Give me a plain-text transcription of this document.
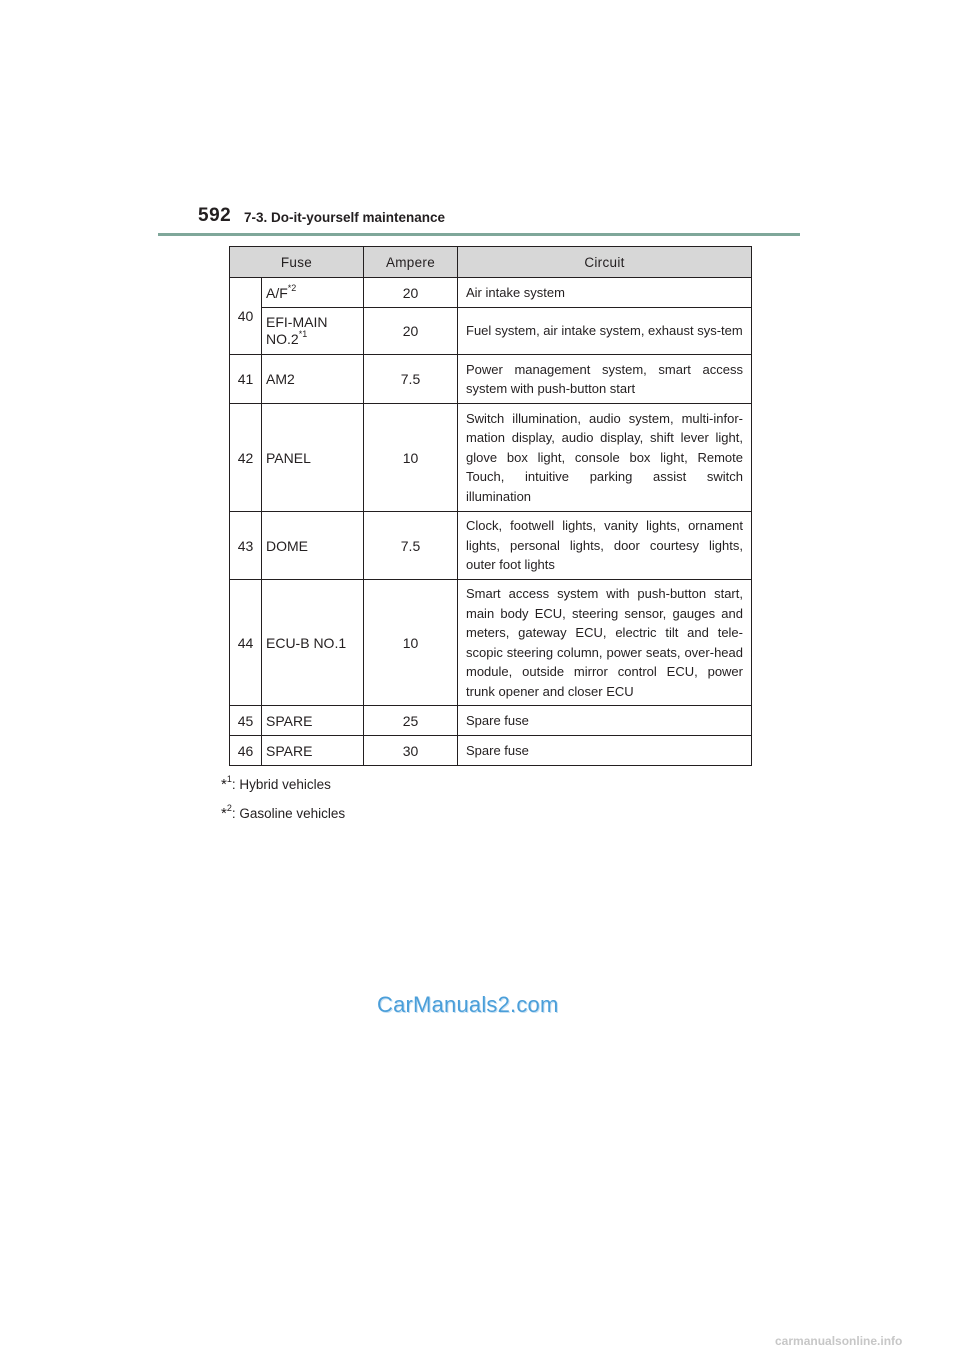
592 7-3. Do-it-yourself maintenance
Fuse		Ampere	Circuit
40	$A/F^{*2}$	20	Air intake system
	EFI-MAIN NO.2$^{*1}$	20	Fuel system, air intake system, exhaust sys-tem
41	AM2	7.5	Power management system, smart access system with push-button start
42	PANEL	10	Switch illumination, audio system, multi-infor-mation display, audio display, shift lever light, glove box light, console box light, Remote Touch, intuitive parking assist switch illumination
43	DOME	7.5	Clock, footwell lights, vanity lights, ornament lights, personal lights, door courtesy lights, outer foot lights
44	ECU-B NO.1	10	Smart access system with push-button start, main body ECU, steering sensor, gauges and meters, gateway ECU, electric tilt and tele-scopic steering column, power seats, over-head module, outside mirror control ECU, power trunk opener and closer ECU
45	SPARE	25	Spare fuse
46	SPARE	30	Spare fuse
*$^1$: Hybrid vehicles
*$^2$: Gasoline vehicles
CarManuals2.com
carmanualsonline.info
